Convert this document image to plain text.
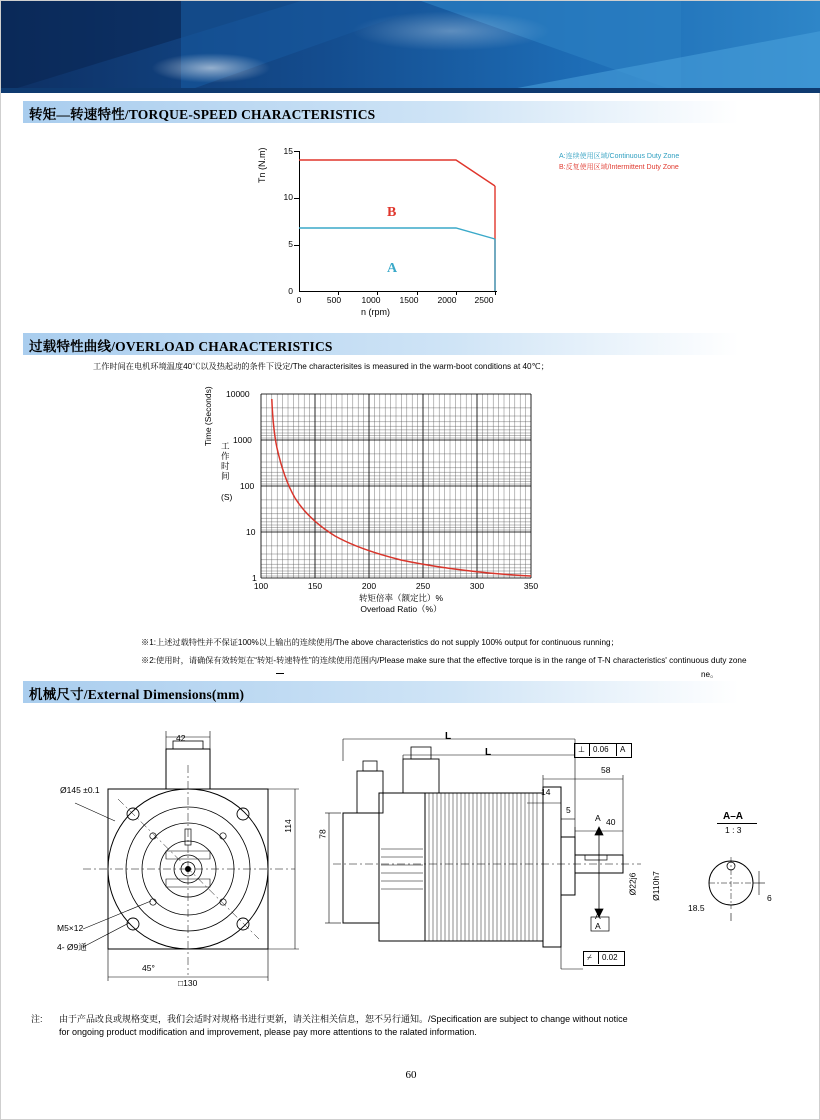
转矩—转速特性/TORQUE-SPEED CHARACTERISTICS
15
10
5
0
0	500	1000	1500	2000	2500
B
A
Tn (N.m)
n (rpm)
A:连续使用区域/Continuous Duty Zone
B:反复使用区域/Intermittent Duty Zone
过载特性曲线/OVERLOAD CHARACTERISTICS
工作时间在电机环境温度40℃以及热起动的条件下设定/The characterisites is measured in the warm-boot conditions at 40℃；
Time (Seconds) 工作时间
(S)
10000
1000
100
10
1
100	150	200	250	300	350
转矩倍率（额定比）%
Overload Ratio（%）
※1:上述过载特性并不保证100%以上输出的连续使用/The above characteristics do not supply 100% output for continuous running；
※2:使用时，请确保有效转矩在“转矩-转速特性”的连续使用范围内/Please make sure that the effective torque is in the range of T-N characteristics' continuous duty zone
ne。
机械尺寸/External Dimensions(mm)
42
Ø145 ±0.1
114
M5×12
4- Ø9通
45°
□130
L
L
78
58
14
5
40
Ø22j6 Ø110h7
A
A
A
⊥ 0.06 A
⌿ 0.02
A–A
1 : 3
18.5
6
注: 由于产品改良或规格变更，我们会适时对规格书进行更新，请关注相关信息，恕不另行通知。/Specification are subject to change without notice
for ongoing product modification and improvement, please pay more attentions to the ralated information.
60
